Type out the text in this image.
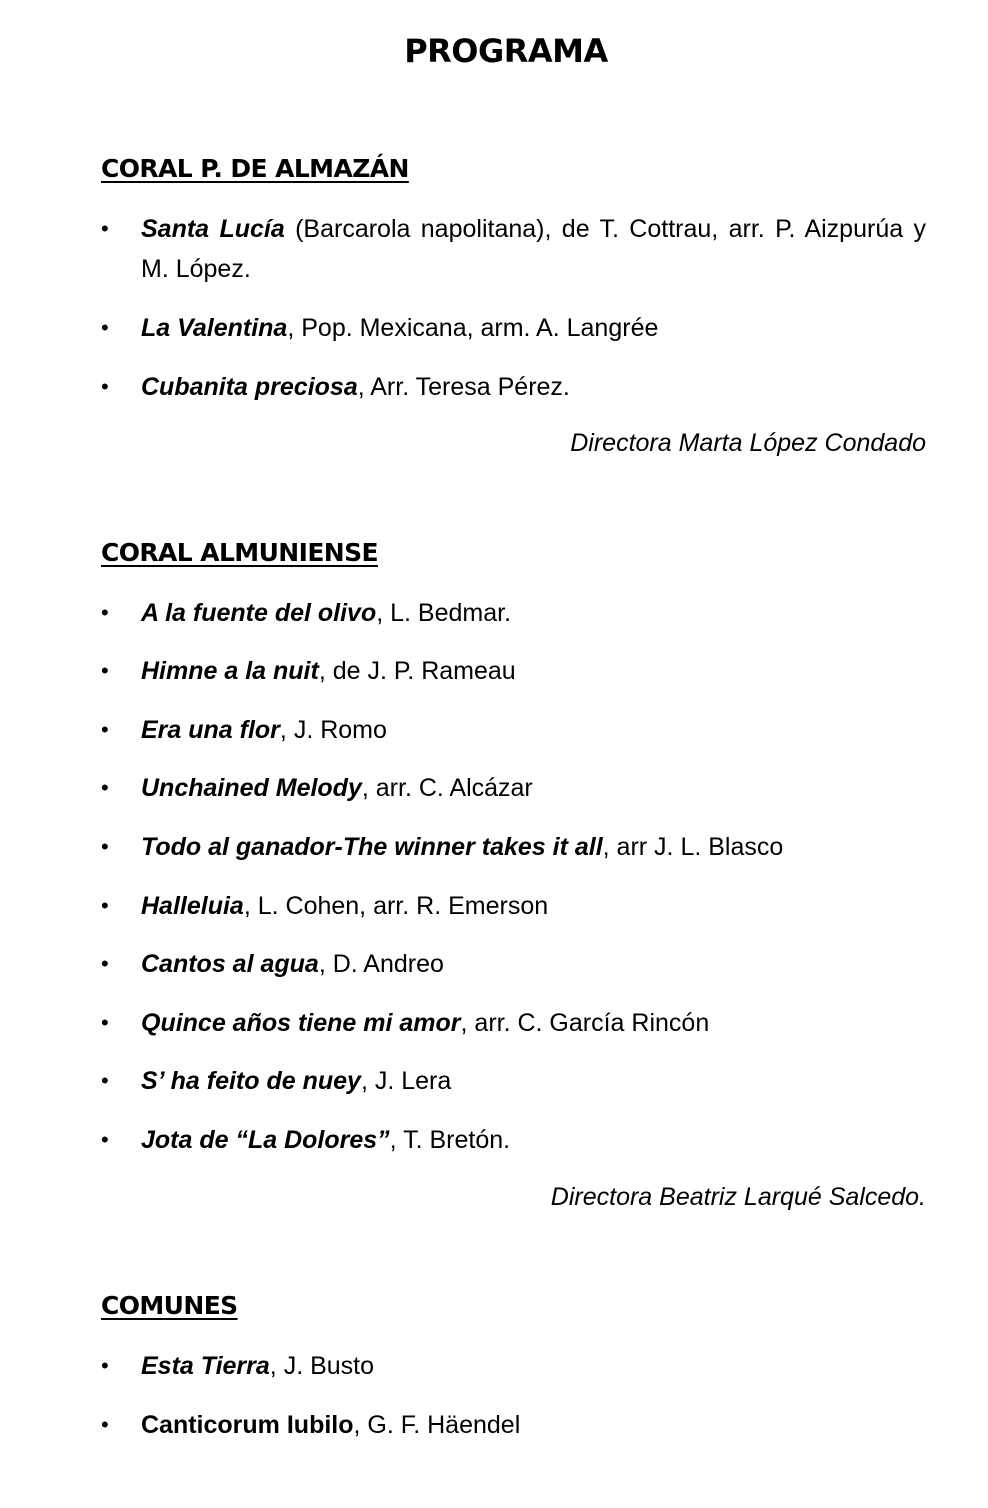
PROGRAMA
CORAL P. DE ALMAZÁN
•	Santa Lucía (Barcarola napolitana), de T. Cottrau, arr. P. Aizpurúa y M. López.
•	La Valentina, Pop. Mexicana, arm. A. Langrée
•	Cubanita preciosa, Arr. Teresa Pérez.

Directora Marta López Condado

CORAL ALMUNIENSE
•	A la fuente del olivo, L. Bedmar.
•	Himne a la nuit, de J. P. Rameau
•	Era una flor, J. Romo
•	Unchained Melody, arr. C. Alcázar
•	Todo al ganador-The winner takes it all, arr J. L. Blasco
•	Halleluia, L. Cohen, arr. R. Emerson
•	Cantos al agua, D. Andreo
•	Quince años tiene mi amor, arr. C. García Rincón
•	S’ ha feito de nuey, J. Lera
•	Jota de “La Dolores”, T. Bretón.

Directora Beatriz Larqué Salcedo.

COMUNES
•	Esta Tierra, J. Busto
•	Canticorum Iubilo, G. F. Häendel
